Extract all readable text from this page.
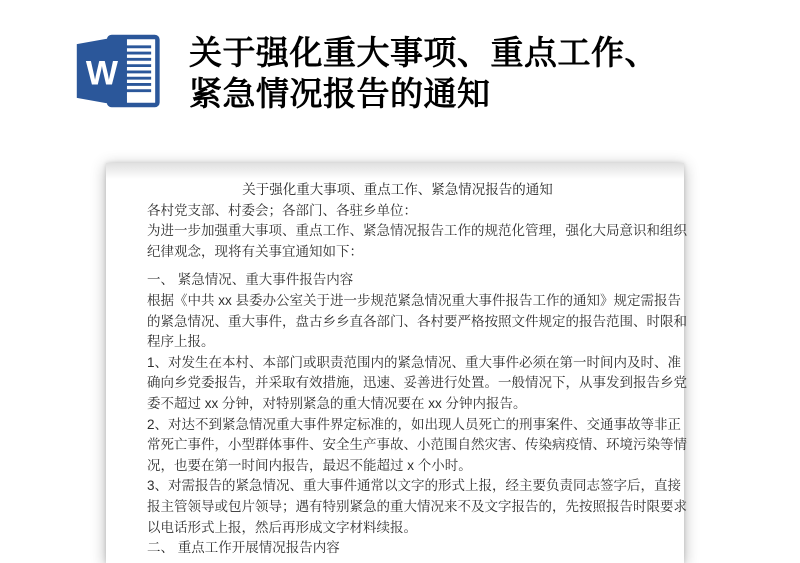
W
关于强化重大事项、重点工作、
紧急情况报告的通知
关于强化重大事项、重点工作、紧急情况报告的通知
各村党支部、村委会；各部门、各驻乡单位：
为进一步加强重大事项、重点工作、紧急情况报告工作的规范化管理，强化大局意识和组织
纪律观念，现将有关事宜通知如下：
一、 紧急情况、重大事件报告内容
根据《中共 xx 县委办公室关于进一步规范紧急情况重大事件报告工作的通知》规定需报告
的紧急情况、重大事件，盘古乡乡直各部门、各村要严格按照文件规定的报告范围、时限和
程序上报。
1、对发生在本村、本部门或职责范围内的紧急情况、重大事件必须在第一时间内及时、准
确向乡党委报告，并采取有效措施，迅速、妥善进行处置。一般情况下，从事发到报告乡党
委不超过 xx 分钟，对特别紧急的重大情况要在 xx 分钟内报告。
2、对达不到紧急情况重大事件界定标准的，如出现人员死亡的刑事案件、交通事故等非正
常死亡事件，小型群体事件、安全生产事故、小范围自然灾害、传染病疫情、环境污染等情
况，也要在第一时间内报告，最迟不能超过 x 个小时。
3、对需报告的紧急情况、重大事件通常以文字的形式上报，经主要负责同志签字后，直接
报主管领导或包片领导；遇有特别紧急的重大情况来不及文字报告的，先按照报告时限要求
以电话形式上报，然后再形成文字材料续报。
二、 重点工作开展情况报告内容
